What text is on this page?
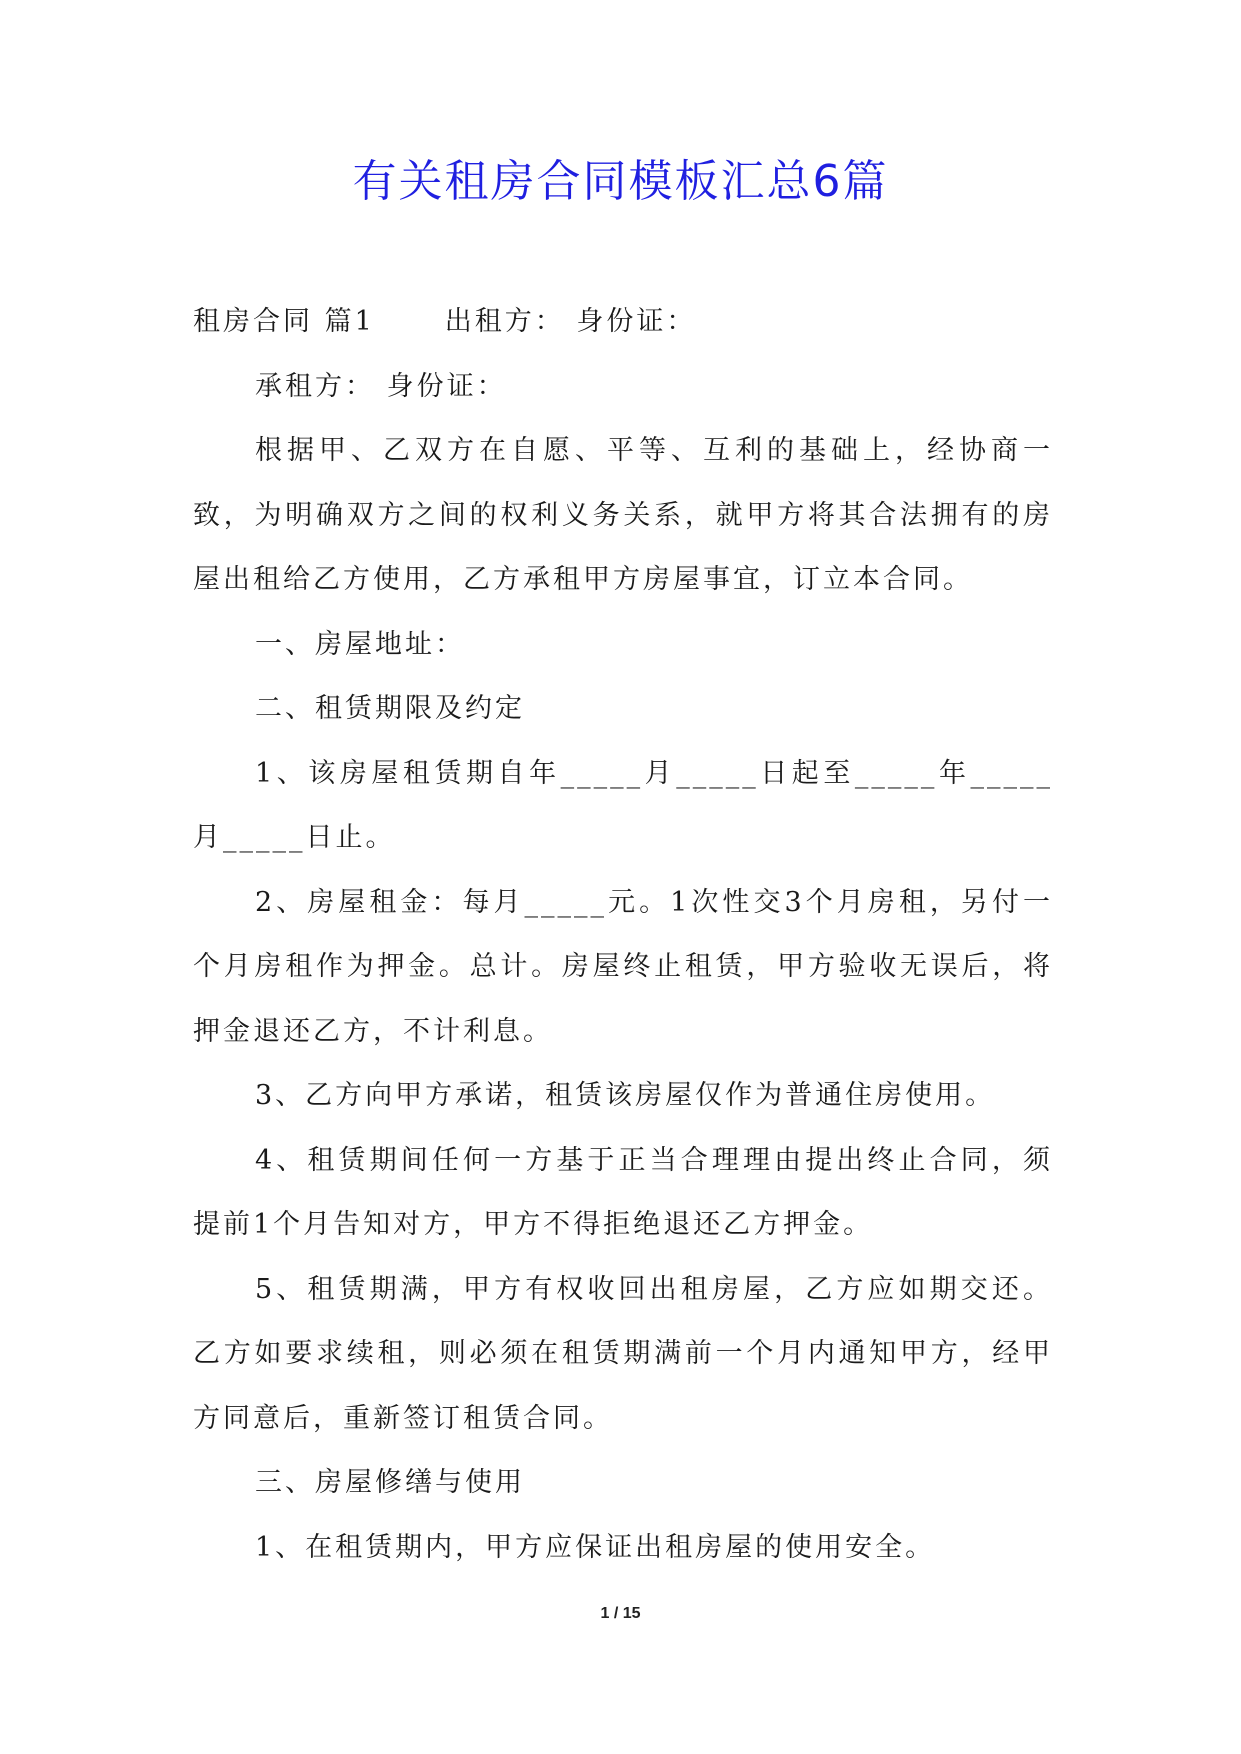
有关租房合同模板汇总6篇

租房合同 篇1	出租方： 身份证：

承租方： 身份证：

根据甲、乙双方在自愿、平等、互利的基础上，经协商一致，为明确双方之间的权利义务关系，就甲方将其合法拥有的房屋出租给乙方使用，乙方承租甲方房屋事宜，订立本合同。

一、房屋地址：

二、租赁期限及约定

1、该房屋租赁期自年_____月_____日起至_____年_____月_____日止。

2、房屋租金：每月_____元。1次性交3个月房租，另付一个月房租作为押金。总计。房屋终止租赁，甲方验收无误后，将押金退还乙方，不计利息。

3、乙方向甲方承诺，租赁该房屋仅作为普通住房使用。

4、租赁期间任何一方基于正当合理理由提出终止合同，须提前1个月告知对方，甲方不得拒绝退还乙方押金。

5、租赁期满，甲方有权收回出租房屋，乙方应如期交还。乙方如要求续租，则必须在租赁期满前一个月内通知甲方，经甲方同意后，重新签订租赁合同。

三、房屋修缮与使用

1、在租赁期内，甲方应保证出租房屋的使用安全。

1 / 15
